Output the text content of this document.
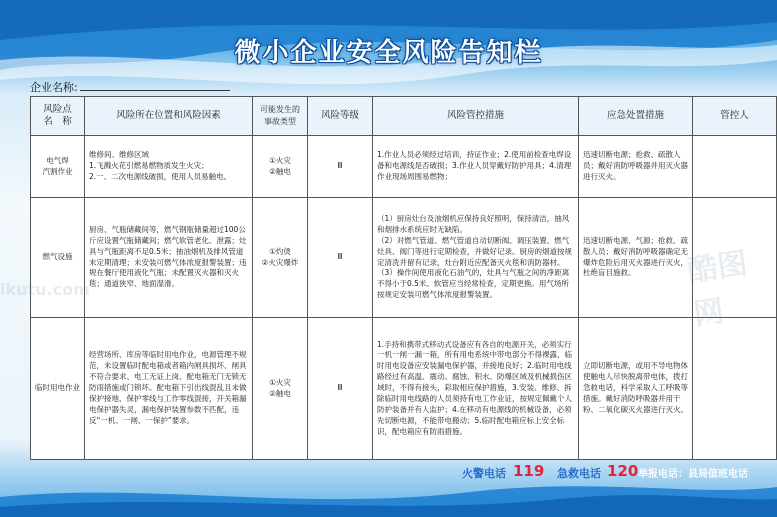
微小企业安全风险告知栏
企业名称:
风险点
名　称	风险所在位置和风险因素	可能发生的
事故类型	风险等级	风险管控措施	应急处置措施	管控人
电气焊
汽割作业	维修间、维修区域
1.飞溅火花引燃易燃物质发生火灾；
2.一、二次电源线破损，使用人员易触电。	①火灾
②触电	Ⅲ	1.作业人员必须经过培训，持证作业；2.使用前检查电焊设备和电源线是否破损；3.作业人员穿戴好防护用具；4.清理作业现场周围易燃物；	迅速切断电源；抢救、疏散人员；戴好消防呼吸器并用灭火器进行灭火。	
燃气设施	厨房、气瓶储藏间等，燃气钢瓶储量超过100公斤应设置气瓶储藏间；燃气软管老化、泄露；灶具与气瓶距离不足0.5米；抽油烟机及排风管道未定期清理；未安装可燃气体浓度报警装置；违规在餐厅使用液化气瓶；未配置灭火器和灭火毯；通道狭窄、地面湿滑。	①灼烫
②火灾爆炸	Ⅲ	（1）厨房灶台及油烟机应保持良好照明，保持清洁，抽风和烟排水系统应时无缺陷。
（2）对燃气管道、燃气管道自动切断阀、调压装置、燃气灶具、阀门等进行定期检查，并做好记录。厨房的烟道按规定清洗并留有记录，灶台附近应配备灭火毯和消防器材。
（3）操作间使用液化石油气的，灶具与气瓶之间的净距离不得小于0.5米。软管应当经常检查，定期更换。用气场所按规定安装可燃气体浓度报警装置。	迅速切断电源、气源；抢救、疏散人员；戴好消防呼吸器确定无爆炸危险后用灭火器进行灭火，杜绝盲目施救。	
临时用电作业	经营场所、库房等临时用电作业，电源管理不规范，未设置临时配电箱或者箱内闸具损坏、闸具不符合要求、电工无证上岗、配电箱无门无锁无防雨措施或门锁坏。配电箱下引出线混乱且未做保护接地、保护零线与工作零线混接，开关箱漏电保护器失灵，漏电保护装置参数不匹配，违反“一机、一闸、一保护”要求。	①火灾
②触电	Ⅲ	1.手持和携带式移动式设备应有各自的电源开关，必须实行一机一闸一漏一箱，所有用电系统中带电部分不得裸露，临时用电设备应安装漏电保护器，并接地良好；2.临时用电线路经过有高温、震动、腐蚀、积水、防爆区域及机械损伤区域时，不得有接头，彩取相应保护措施，3.安装、维修、拆除临时用电线路的人员须持有电工作业证，按规定佩戴个人防护装备并有人监护；4.在移动有电源线的机械设备，必须先切断电源，不能带电搬动；5.临时配电箱应标上安全标识，配电箱应有防雨措施。	立即切断电源，或用不导电物体使触电人尽快脱离带电体，拨打急救电话，科学采取人工呼吸等措施。戴好消防呼吸器并用干粉、二氧化碳灭火器进行灭火。	
火警电话 119 急救电话 120 举报电话：县局值班电话
